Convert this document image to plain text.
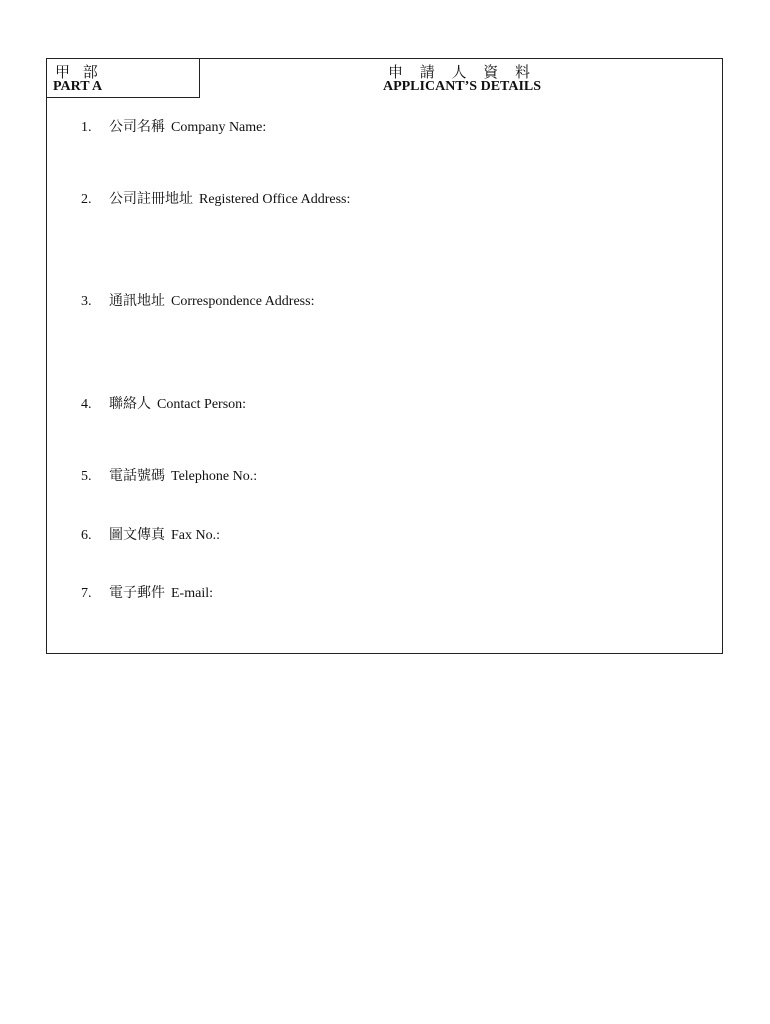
甲 部
PART A
申 請 人 資 料
APPLICANT’S DETAILS
1. 公司名稱 Company Name:
2. 公司註冊地址 Registered Office Address:
3. 通訊地址 Correspondence Address:
4. 聯絡人 Contact Person:
5. 電話號碼 Telephone No.:
6. 圖文傳真 Fax No.:
7. 電子郵件 E-mail:
